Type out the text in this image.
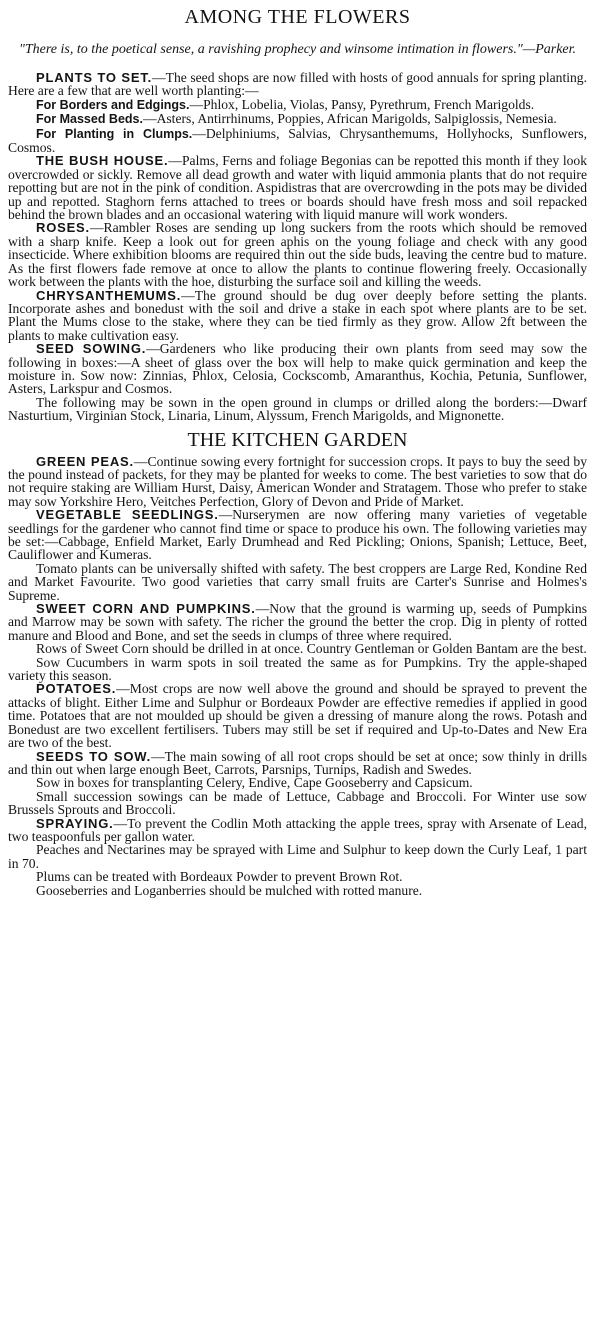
AMONG THE FLOWERS
"There is, to the poetical sense, a ravishing prophecy and winsome intimation in flowers."—Parker.

PLANTS TO SET.—The seed shops are now filled with hosts of good annuals for spring planting. Here are a few that are well worth planting:—

For Borders and Edgings.—Phlox, Lobelia, Violas, Pansy, Pyrethrum, French Marigolds.

For Massed Beds.—Asters, Antirrhinums, Poppies, African Marigolds, Salpiglossis, Nemesia.

For Planting in Clumps.—Delphiniums, Salvias, Chrysanthemums, Hollyhocks, Sunflowers, Cosmos.

THE BUSH HOUSE.—Palms, Ferns and foliage Begonias can be repotted this month if they look overcrowded or sickly. Remove all dead growth and water with liquid ammonia plants that do not require repotting but are not in the pink of condition. Aspidistras that are overcrowding in the pots may be divided up and repotted. Staghorn ferns attached to trees or boards should have fresh moss and soil repacked behind the brown blades and an occasional watering with liquid manure will work wonders.

ROSES.—Rambler Roses are sending up long suckers from the roots which should be removed with a sharp knife. Keep a look out for green aphis on the young foliage and check with any good insecticide. Where exhibition blooms are required thin out the side buds, leaving the centre bud to mature. As the first flowers fade remove at once to allow the plants to continue flowering freely. Occasionally work between the plants with the hoe, disturbing the surface soil and killing the weeds.

CHRYSANTHEMUMS.—The ground should be dug over deeply before setting the plants. Incorporate ashes and bonedust with the soil and drive a stake in each spot where plants are to be set. Plant the Mums close to the stake, where they can be tied firmly as they grow. Allow 2ft between the plants to make cultivation easy.

SEED SOWING.—Gardeners who like producing their own plants from seed may sow the following in boxes:—A sheet of glass over the box will help to make quick germination and keep the moisture in. Sow now: Zinnias, Phlox, Celosia, Cockscomb, Amaranthus, Kochia, Petunia, Sunflower, Asters, Larkspur and Cosmos.

The following may be sown in the open ground in clumps or drilled along the borders:—Dwarf Nasturtium, Virginian Stock, Linaria, Linum, Alyssum, French Marigolds, and Mignonette.

THE KITCHEN GARDEN

GREEN PEAS.—Continue sowing every fortnight for succession crops. It pays to buy the seed by the pound instead of packets, for they may be planted for weeks to come. The best varieties to sow that do not require staking are William Hurst, Daisy, American Wonder and Stratagem. Those who prefer to stake may sow Yorkshire Hero, Veitches Perfection, Glory of Devon and Pride of Market.

VEGETABLE SEEDLINGS.—Nurserymen are now offering many varieties of vegetable seedlings for the gardener who cannot find time or space to produce his own. The following varieties may be set:—Cabbage, Enfield Market, Early Drumhead and Red Pickling; Onions, Spanish; Lettuce, Beet, Cauliflower and Kumeras.

Tomato plants can be universally shifted with safety. The best croppers are Large Red, Kondine Red and Market Favourite. Two good varieties that carry small fruits are Carter's Sunrise and Holmes's Supreme.

SWEET CORN AND PUMPKINS.—Now that the ground is warming up, seeds of Pumpkins and Marrow may be sown with safety. The richer the ground the better the crop. Dig in plenty of rotted manure and Blood and Bone, and set the seeds in clumps of three where required.

Rows of Sweet Corn should be drilled in at once. Country Gentleman or Golden Bantam are the best.

Sow Cucumbers in warm spots in soil treated the same as for Pumpkins. Try the apple-shaped variety this season.

POTATOES.—Most crops are now well above the ground and should be sprayed to prevent the attacks of blight. Either Lime and Sulphur or Bordeaux Powder are effective remedies if applied in good time. Potatoes that are not moulded up should be given a dressing of manure along the rows. Potash and Bonedust are two excellent fertilisers. Tubers may still be set if required and Up-to-Dates and New Era are two of the best.

SEEDS TO SOW.—The main sowing of all root crops should be set at once; sow thinly in drills and thin out when large enough Beet, Carrots, Parsnips, Turnips, Radish and Swedes.

Sow in boxes for transplanting Celery, Endive, Cape Gooseberry and Capsicum.

Small succession sowings can be made of Lettuce, Cabbage and Broccoli. For Winter use sow Brussels Sprouts and Broccoli.

SPRAYING.—To prevent the Codlin Moth attacking the apple trees, spray with Arsenate of Lead, two teaspoonfuls per gallon water.

Peaches and Nectarines may be sprayed with Lime and Sulphur to keep down the Curly Leaf, 1 part in 70.

Plums can be treated with Bordeaux Powder to prevent Brown Rot.

Gooseberries and Loganberries should be mulched with rotted manure.
